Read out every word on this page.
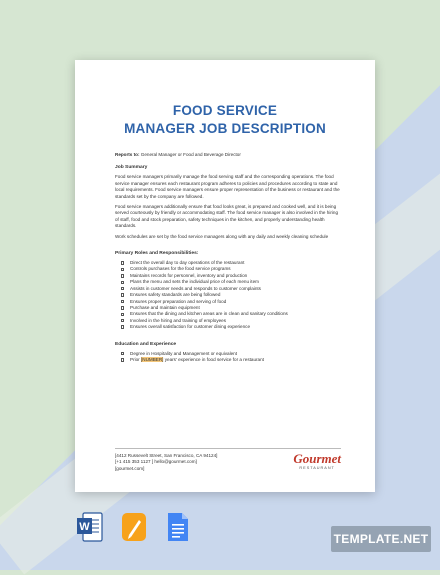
FOOD SERVICE
MANAGER JOB DESCRIPTION
Reports to: General Manager or Food and Beverage Director
Job Summary
Food service managers primarily manage the food serving staff and the corresponding operations. The food service manager ensures each restaurant program adheres to policies and procedures according to state and local requirements. Food service managers ensure proper representation of the business or restaurant and the standards set by the company are followed.
Food service managers additionally ensure that food looks great, is prepared and cooked well, and it is being served courteously by friendly or accommodating staff. The food service manager is also involved in the hiring of staff, food and stock preparation, safety techniques in the kitchen, and properly understanding health standards.
Work schedules are set by the food service managers along with any daily and weekly cleaning schedule
Primary Roles and Responsibilities:
Direct the overall day to day operations of the restaurant
Controls purchases for the food service programs
Maintains records for personnel, inventory and production
Plans the menu and sets the individual price of each menu item
Assists in customer needs and responds to customer complaints
Ensures safety standards are being followed
Ensures proper preparation and serving of food
Purchase and maintain equipment
Ensures that the dining and kitchen areas are in clean and sanitary conditions
Involved in the hiring and training of employees
Ensures overall satisfaction for customer dining experience
Education and Experience
Degree in Hospitality and Management or equivalent
Prior [NUMBER] years' experience in food service for a restaurant
[4412 Russevelt Street, San Francisco, CA 94124]
[+1 415 353 1127 ] hello@gourmet.com]
[gourmet.com]
Gourmet
RESTAURANT
W
TEMPLATE.NET
